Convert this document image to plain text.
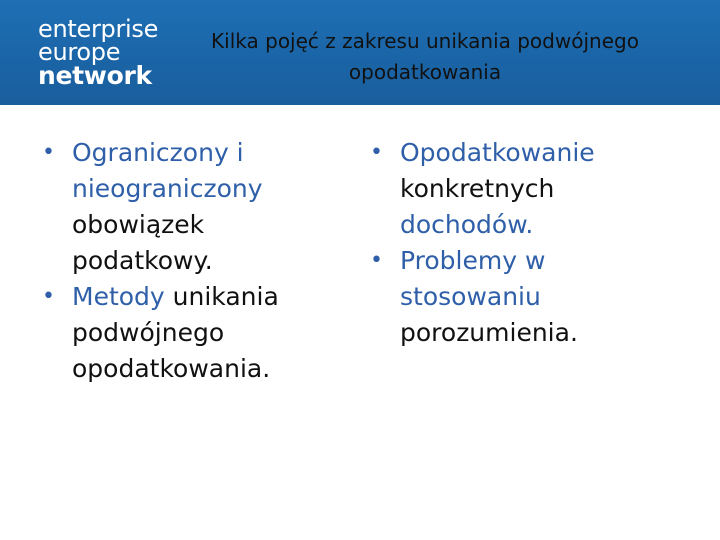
enterprise
europe
network
Kilka pojęć z zakresu unikania podwójnego
opodatkowania
• Ograniczony i
nieograniczony
obowiązek
podatkowy.
• Metody unikania
podwójnego
opodatkowania.
• Opodatkowanie
konkretnych
dochodów.
• Problemy w
stosowaniu
porozumienia.
